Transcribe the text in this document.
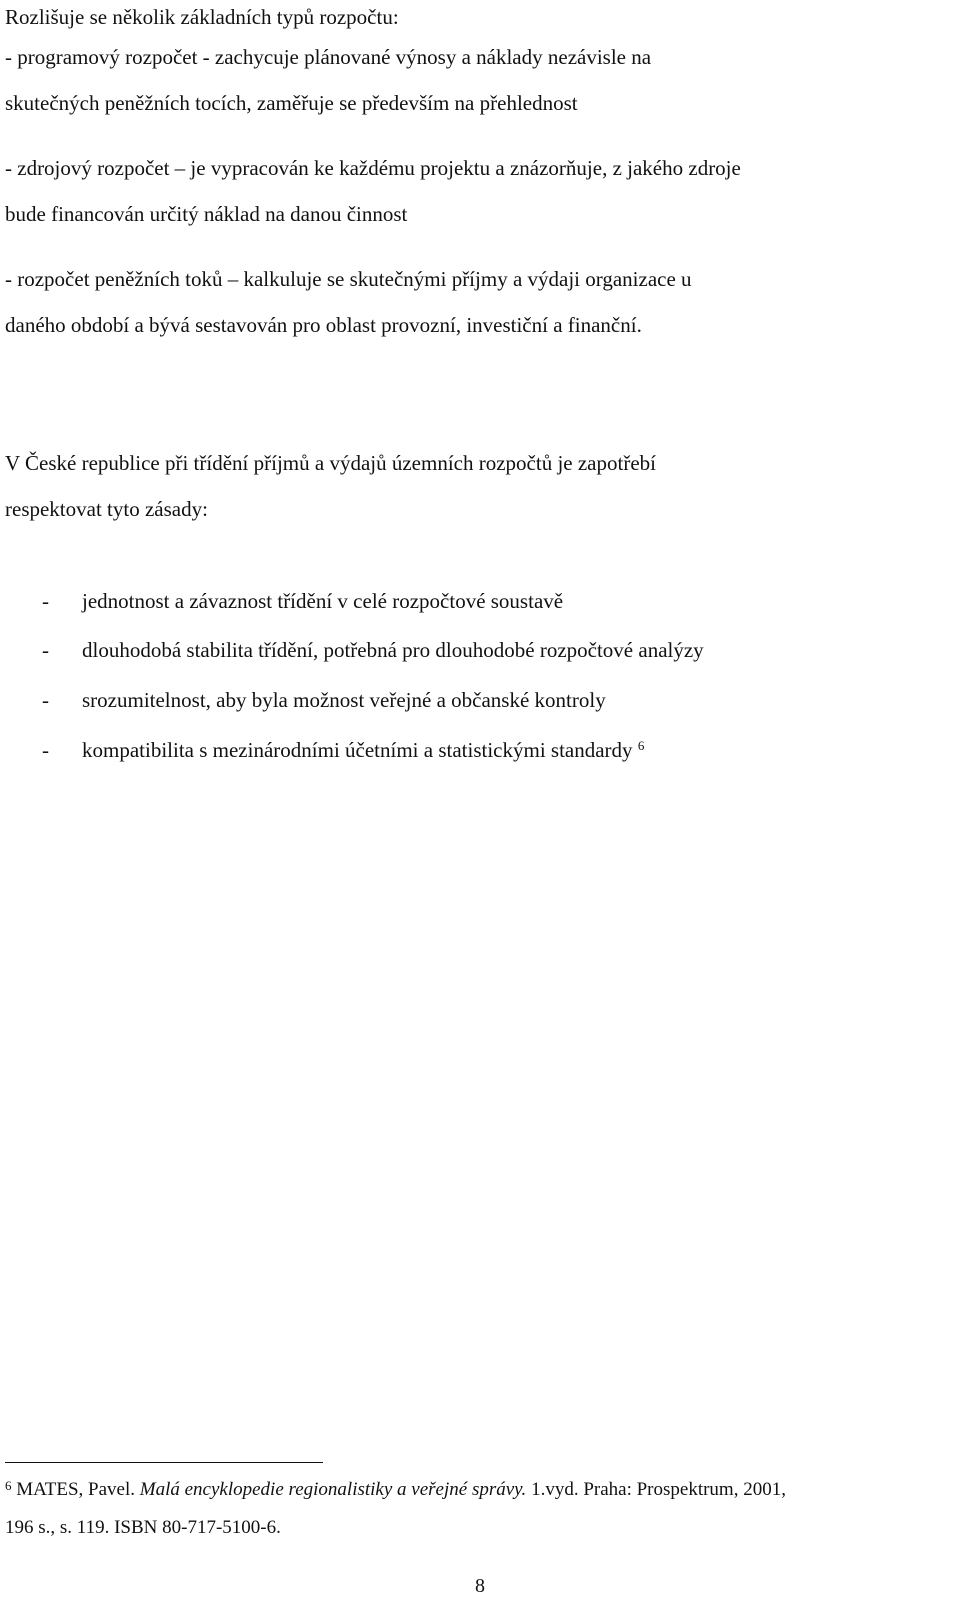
Rozlišuje se několik základních typů rozpočtu:
- programový rozpočet - zachycuje plánované výnosy a náklady nezávisle na
skutečných peněžních tocích, zaměřuje se především na přehlednost
- zdrojový rozpočet – je vypracován ke každému projektu a znázorňuje, z jakého zdroje
bude financován určitý náklad na danou činnost
- rozpočet peněžních toků – kalkuluje se skutečnými příjmy a výdaji organizace u
daného období a bývá sestavován pro oblast provozní, investiční a finanční.
V České republice při třídění příjmů a výdajů územních rozpočtů je zapotřebí
respektovat tyto zásady:
- jednotnost a závaznost třídění v celé rozpočtové soustavě
- dlouhodobá stabilita třídění, potřebná pro dlouhodobé rozpočtové analýzy
- srozumitelnost, aby byla možnost veřejné a občanské kontroly
- kompatibilita s mezinárodními účetními a statistickými standardy $^6$
$^6$ MATES, Pavel. Malá encyklopedie regionalistiky a veřejné správy. 1.vyd. Praha: Prospektrum, 2001,
196 s., s. 119. ISBN 80-717-5100-6.
8
